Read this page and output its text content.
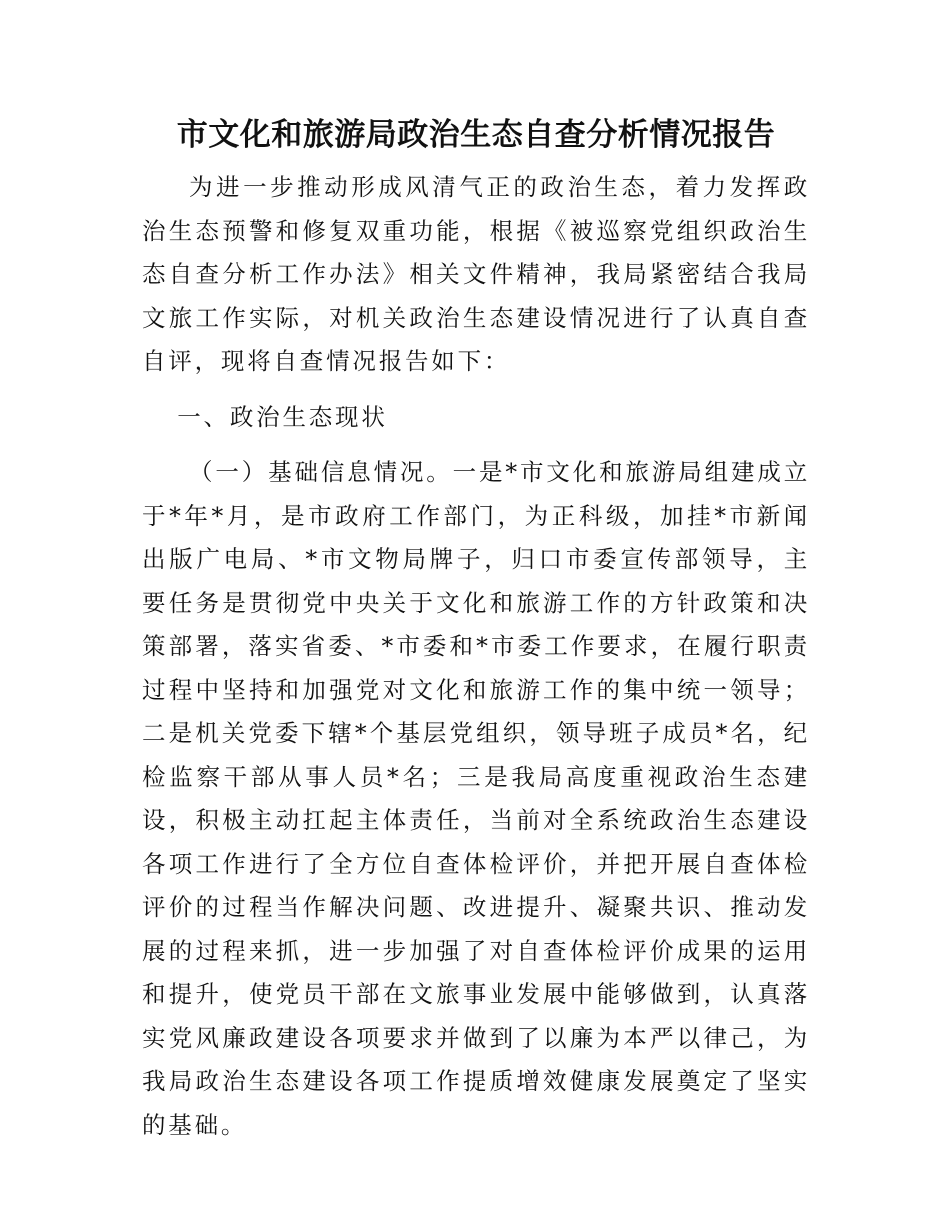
市文化和旅游局政治生态自查分析情况报告

为进一步推动形成风清气正的政治生态，着力发挥政治生态预警和修复双重功能，根据《被巡察党组织政治生态自查分析工作办法》相关文件精神，我局紧密结合我局文旅工作实际，对机关政治生态建设情况进行了认真自查自评，现将自查情况报告如下：

一、政治生态现状

（一）基础信息情况。一是*市文化和旅游局组建成立于*年*月，是市政府工作部门，为正科级，加挂*市新闻出版广电局、*市文物局牌子，归口市委宣传部领导，主要任务是贯彻党中央关于文化和旅游工作的方针政策和决策部署，落实省委、*市委和*市委工作要求，在履行职责过程中坚持和加强党对文化和旅游工作的集中统一领导；二是机关党委下辖*个基层党组织，领导班子成员*名，纪检监察干部从事人员*名；三是我局高度重视政治生态建设，积极主动扛起主体责任，当前对全系统政治生态建设各项工作进行了全方位自查体检评价，并把开展自查体检评价的过程当作解决问题、改进提升、凝聚共识、推动发展的过程来抓，进一步加强了对自查体检评价成果的运用和提升，使党员干部在文旅事业发展中能够做到，认真落实党风廉政建设各项要求并做到了以廉为本严以律己，为我局政治生态建设各项工作提质增效健康发展奠定了坚实的基础。
